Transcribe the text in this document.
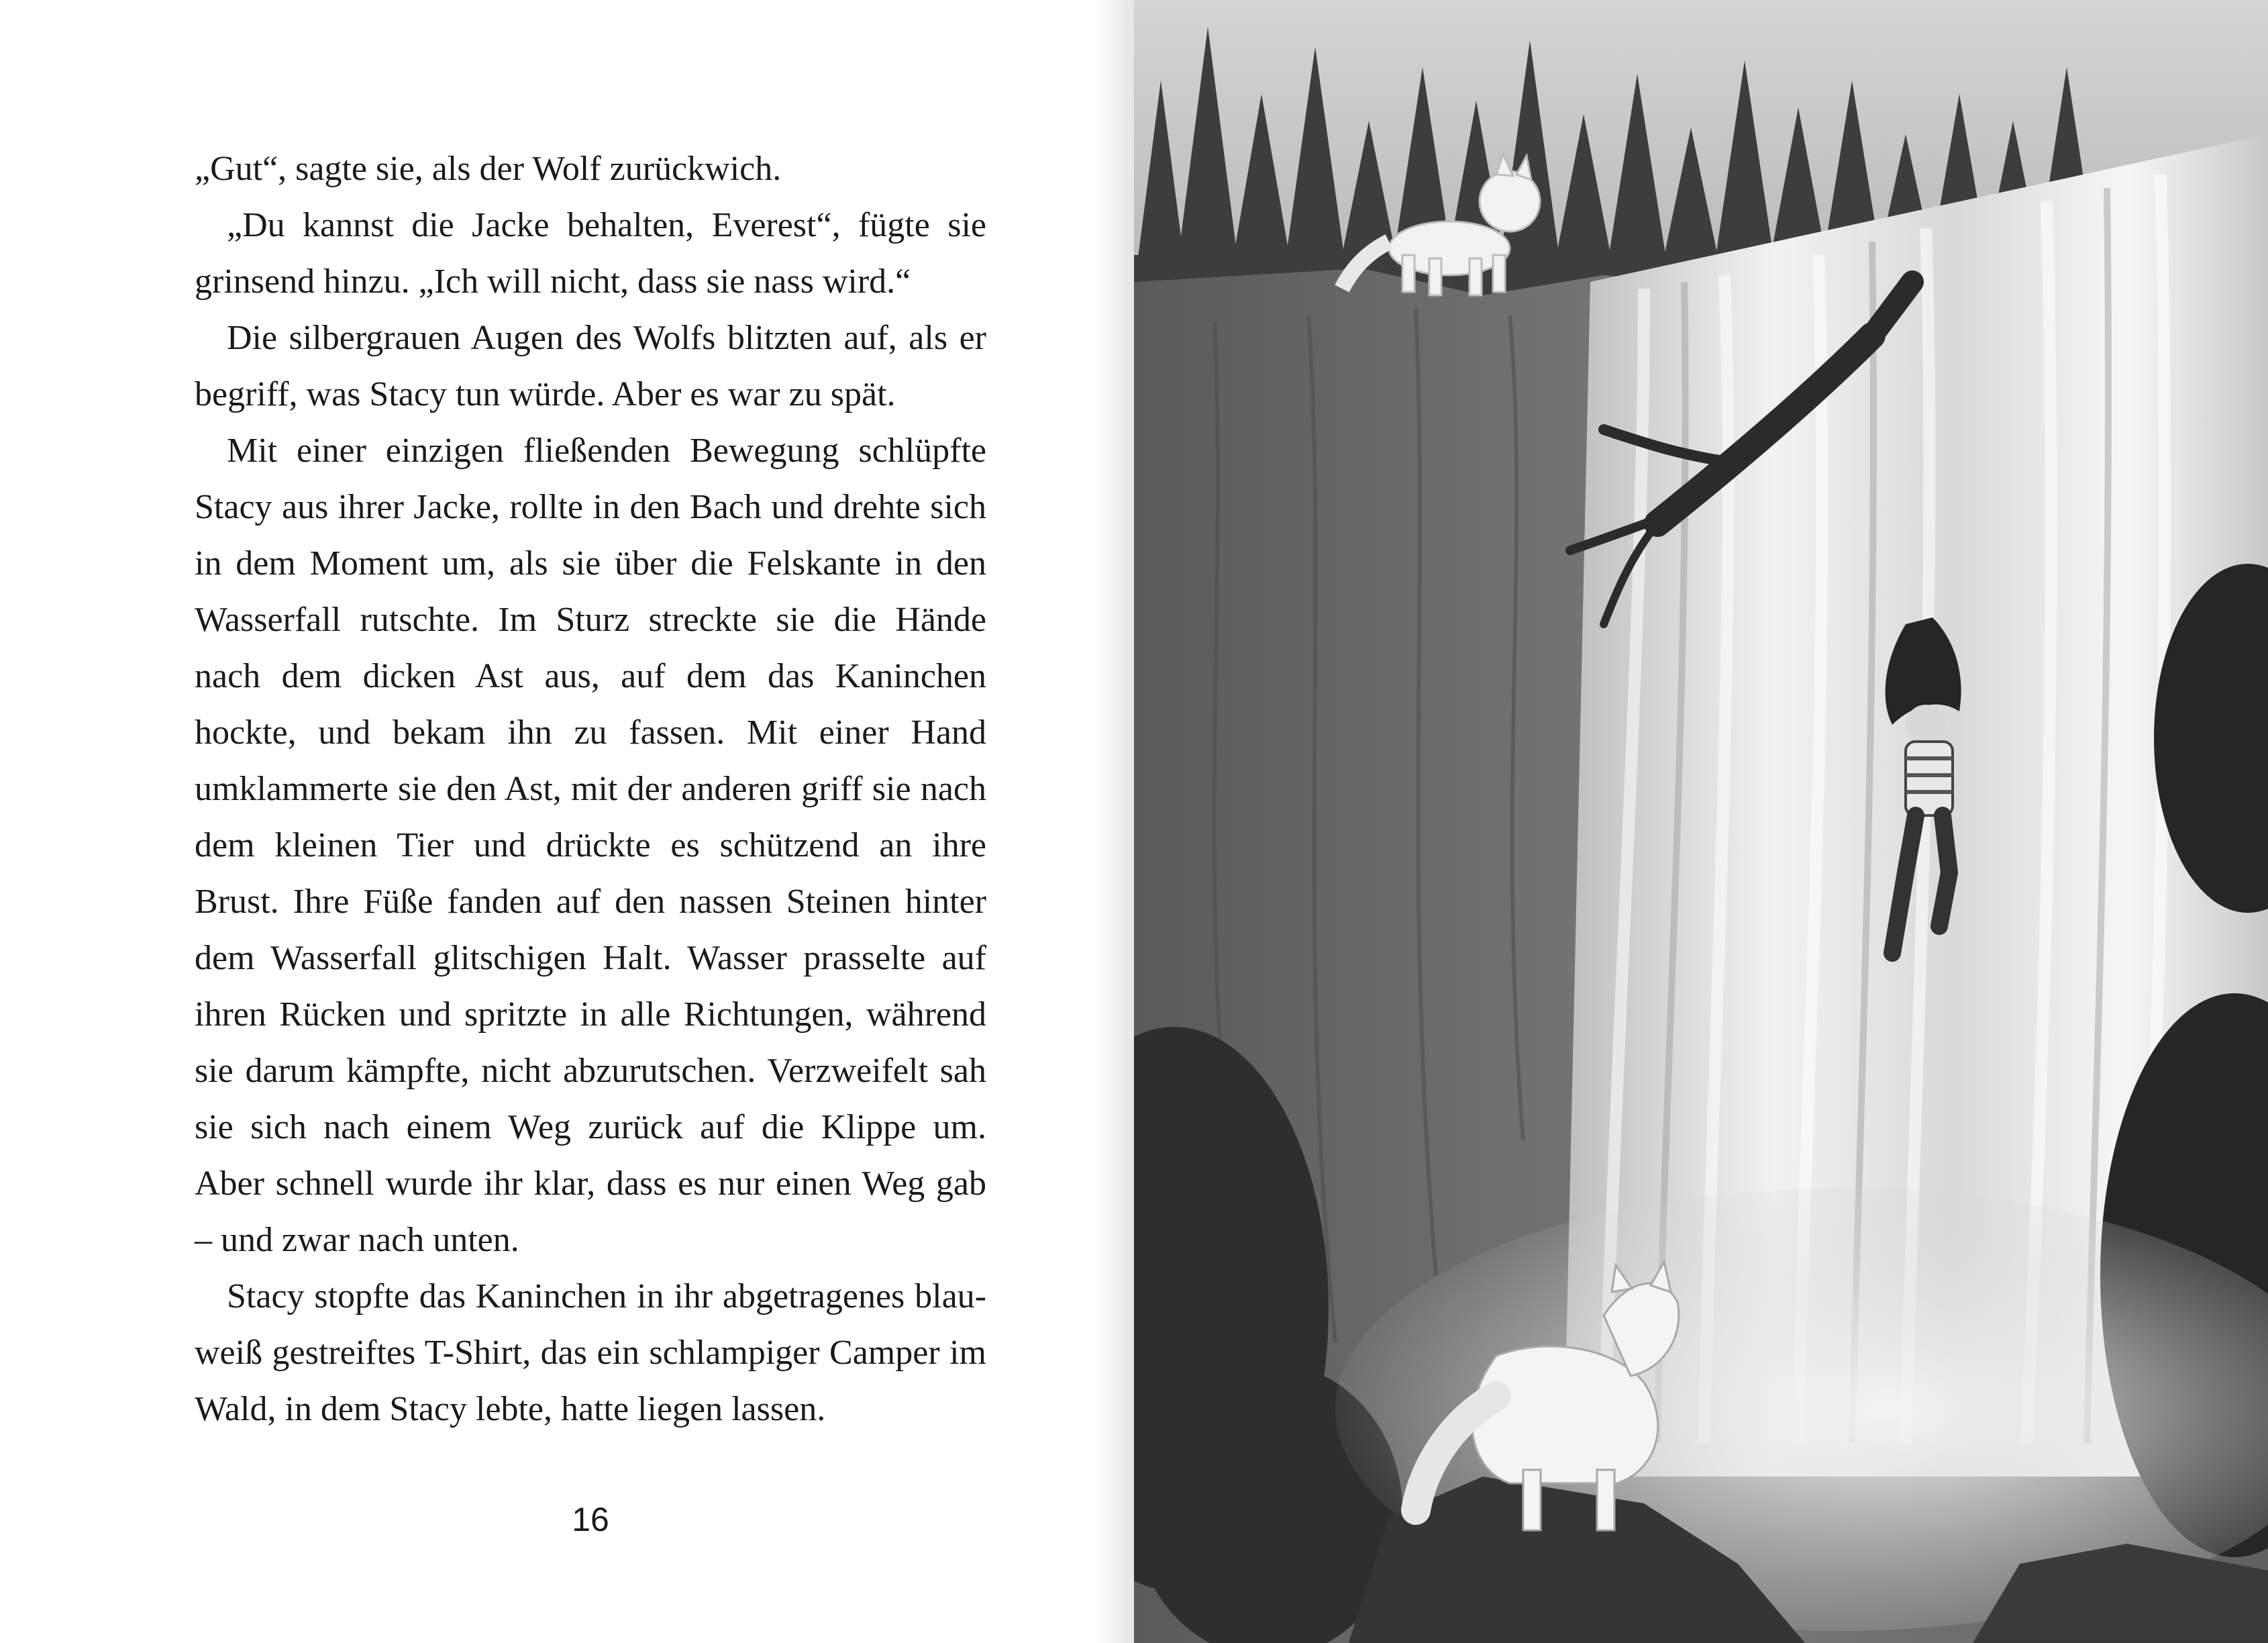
„Gut“, sagte sie, als der Wolf zurückwich.

„Du kannst die Jacke behalten, Everest“, fügte sie grinsend hinzu. „Ich will nicht, dass sie nass wird.“

Die silbergrauen Augen des Wolfs blitzten auf, als er begriff, was Stacy tun würde. Aber es war zu spät.

Mit einer einzigen fließenden Bewegung schlüpfte Stacy aus ihrer Jacke, rollte in den Bach und drehte sich in dem Moment um, als sie über die Felskante in den Wasserfall rutschte. Im Sturz streckte sie die Hände nach dem dicken Ast aus, auf dem das Kaninchen hockte, und bekam ihn zu fassen. Mit einer Hand umklammerte sie den Ast, mit der anderen griff sie nach dem kleinen Tier und drückte es schützend an ihre Brust. Ihre Füße fanden auf den nassen Steinen hinter dem Wasserfall glitschigen Halt. Wasser prasselte auf ihren Rücken und spritzte in alle Richtungen, während sie darum kämpfte, nicht abzurutschen. Verzweifelt sah sie sich nach einem Weg zurück auf die Klippe um. Aber schnell wurde ihr klar, dass es nur einen Weg gab – und zwar nach unten.

Stacy stopfte das Kaninchen in ihr abgetragenes blau-weiß gestreiftes T-Shirt, das ein schlampiger Camper im Wald, in dem Stacy lebte, hatte liegen lassen.

16
